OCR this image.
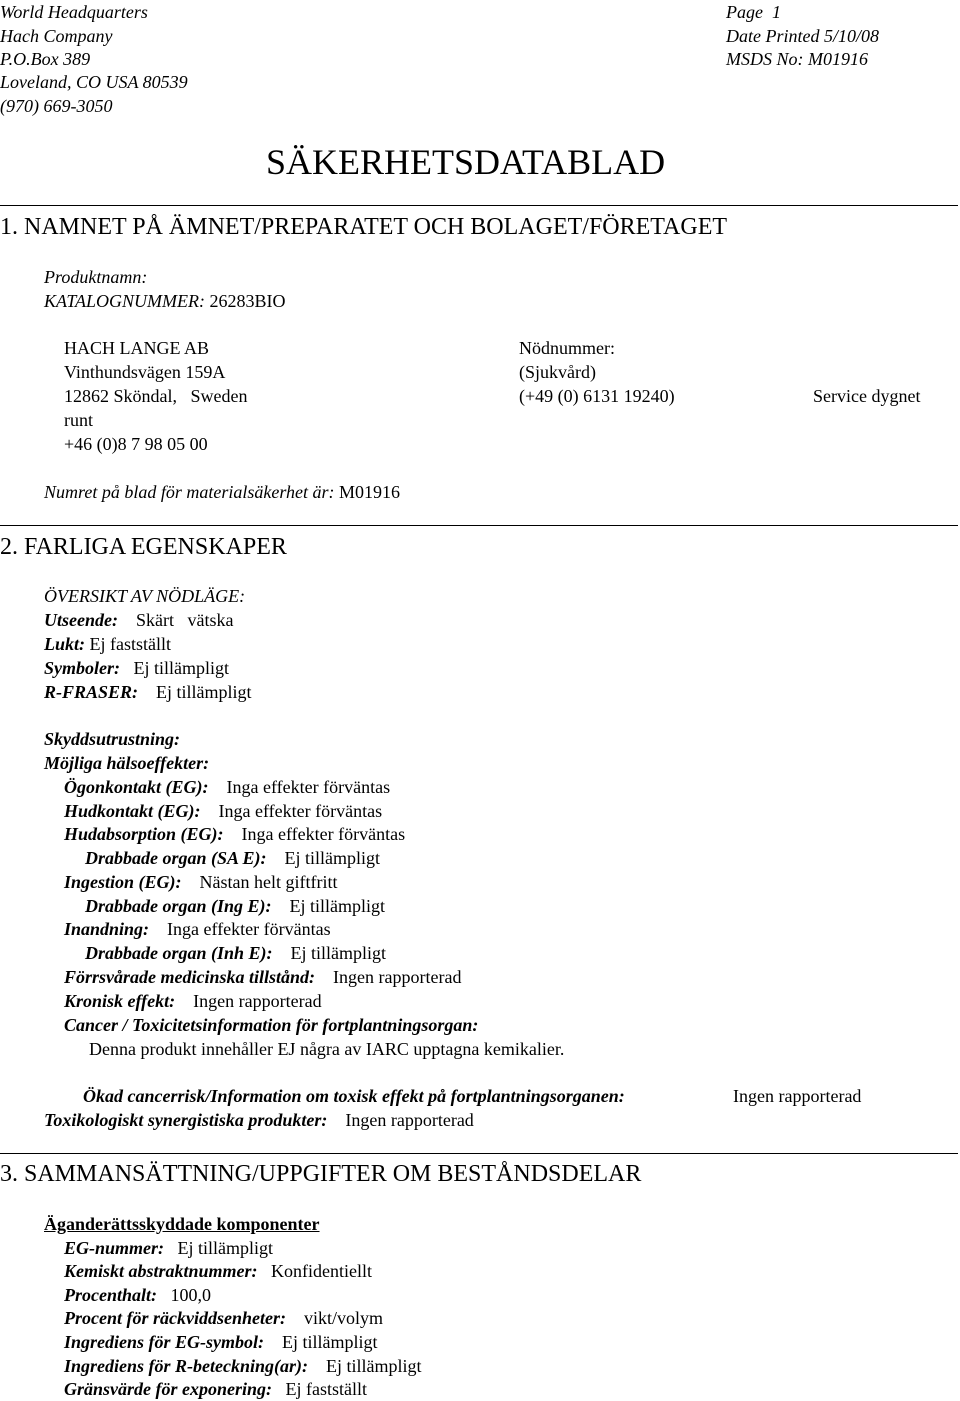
World Headquarters
Hach Company
P.O.Box 389
Loveland, CO USA 80539
(970) 669-3050
Page  1
Date Printed 5/10/08
MSDS No: M01916
SÄKERHETSDATABLAD
1. NAMNET PÅ ÄMNET/PREPARATET OCH BOLAGET/FÖRETAGET
Produktnamn:
KATALOGNUMMER: 26283BIO
HACH LANGE AB
Vinthundsvägen 159A
12862 Sköndal,   Sweden
runt
+46 (0)8 7 98 05 00
Nödnummer:
(Sjukvård)
(+49 (0) 6131 19240)	Service dygnet
Numret på blad för materialsäkerhet är: M01916
2. FARLIGA EGENSKAPER
ÖVERSIKT AV NÖDLÄGE:
Utseende: Skärt   vätska
Lukt: Ej fastställt
Symboler: Ej tillämpligt
R-FRASER: Ej tillämpligt
Skyddsutrustning:
Möjliga hälsoeffekter:
Ögonkontakt (EG): Inga effekter förväntas
Hudkontakt (EG): Inga effekter förväntas
Hudabsorption (EG): Inga effekter förväntas
Drabbade organ (SA E): Ej tillämpligt
Ingestion (EG): Nästan helt giftfritt
Drabbade organ (Ing E): Ej tillämpligt
Inandning: Inga effekter förväntas
Drabbade organ (Inh E): Ej tillämpligt
Förrsvårade medicinska tillstånd: Ingen rapporterad
Kronisk effekt: Ingen rapporterad
Cancer / Toxicitetsinformation för fortplantningsorgan:
Denna produkt innehåller EJ några av IARC upptagna kemikalier.
Ökad cancerrisk/Information om toxisk effekt på fortplantningsorganen:	Ingen rapporterad
Toxikologiskt synergistiska produkter: Ingen rapporterad
3. SAMMANSÄTTNING/UPPGIFTER OM BESTÅNDSDELAR
Äganderättsskyddade komponenter
EG-nummer: Ej tillämpligt
Kemiskt abstraktnummer: Konfidentiellt
Procenthalt: 100,0
Procent för räckviddsenheter: vikt/volym
Ingrediens för EG-symbol: Ej tillämpligt
Ingrediens för R-beteckning(ar): Ej tillämpligt
Gränsvärde för exponering: Ej fastställt
